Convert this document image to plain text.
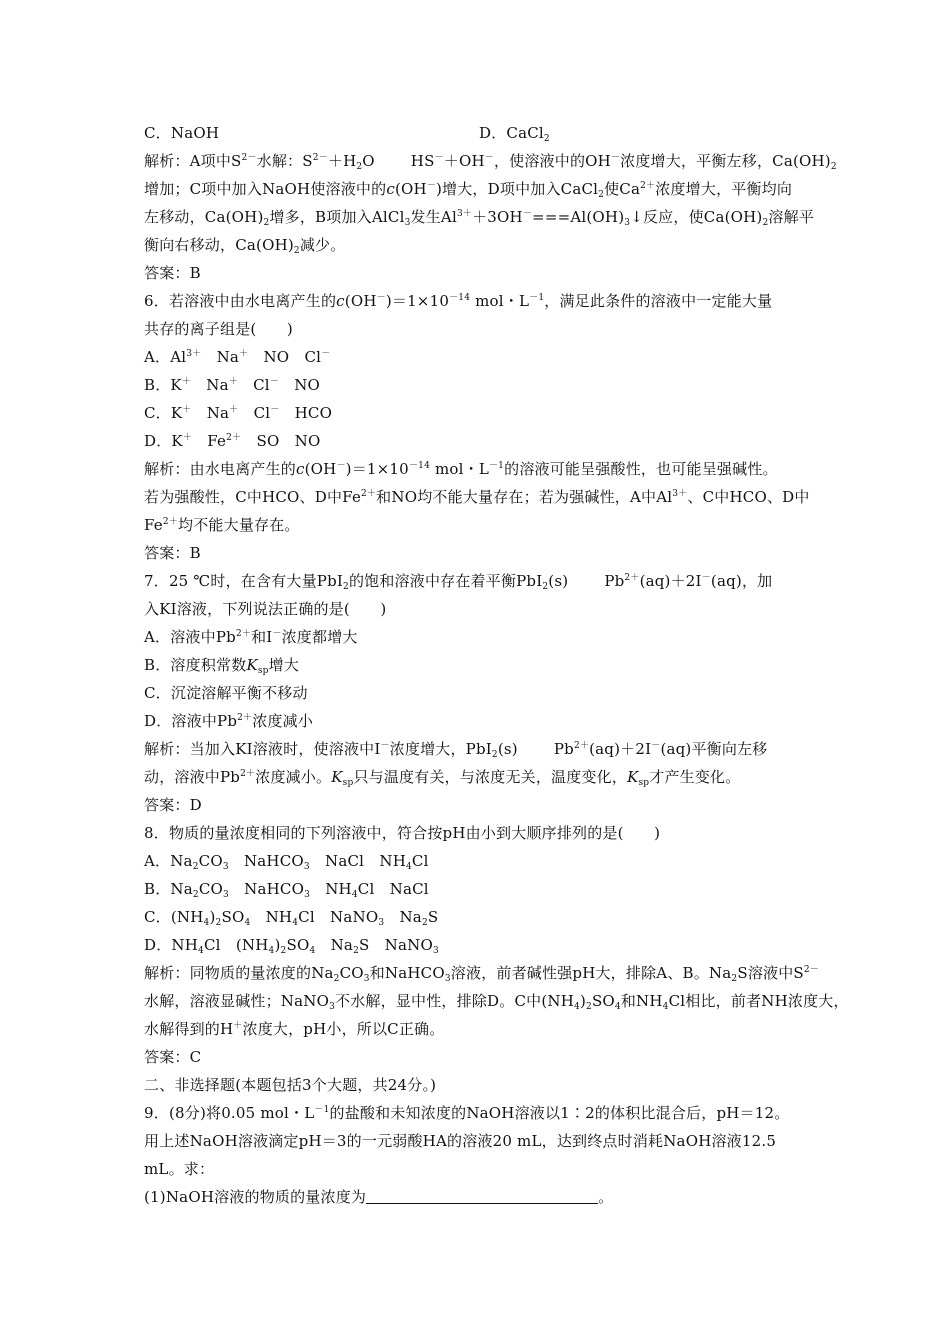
C．NaOH	D．CaCl$_2$
解析：A项中$S^{2-}$水解：$S^{2-}+H_2O$ HS－＋OH－，使溶液中的OH－浓度增大，平衡左移，$Ca(OH)_2$
增加；C项中加入NaOH使溶液中的c(OH－)增大，D项中加入CaCl$_2$使$Ca^{2+}$浓度增大，平衡均向
左移动，$Ca(OH)_2$增多，B项加入AlCl$_3$发生$Al^{3+}+3OH^-===Al(OH)_3↓$反应，使$Ca(OH)_2$溶解平
衡向右移动，$Ca(OH)_2$减少。
答案：B
6．若溶液中由水电离产生的$c(OH^-)=1\times 10^{-14}$ mol・$L^{-1}$，满足此条件的溶液中一定能大量
共存的离子组是(　　)
A．$Al^{3+}$　Na＋　NO　Cl－
B．K＋　Na＋　Cl－　NO
C．K＋　Na＋　Cl－　HCO
D．K＋　$Fe^{2+}$　SO　NO
解析：由水电离产生的$c(OH^-)=1\times 10^{-14}$ mol・$L^{-1}$的溶液可能呈强酸性，也可能呈强碱性。
若为强酸性，C中HCO、D中$Fe^{2+}$和NO均不能大量存在；若为强碱性，A中$Al^{3+}$、C中HCO、D中
$Fe^{2+}$均不能大量存在。
答案：B
7．25 ℃时，在含有大量PbI$_2$的饱和溶液中存在着平衡PbI$_2$(s) $Pb^{2+}(aq)+2I^-(aq)$，加
入KI溶液，下列说法正确的是(　　)
A．溶液中$Pb^{2+}$和I－浓度都增大
B．溶度积常数$K_{sp}$增大
C．沉淀溶解平衡不移动
D．溶液中$Pb^{2+}$浓度减小
解析：当加入KI溶液时，使溶液中I－浓度增大，PbI$_2$(s) $Pb^{2+}(aq)+2I^-(aq)$平衡向左移
动，溶液中$Pb^{2+}$浓度减小。$K_{sp}$只与温度有关，与浓度无关，温度变化，$K_{sp}$才产生变化。
答案：D
8．物质的量浓度相同的下列溶液中，符合按pH由小到大顺序排列的是(　　)
A．$Na_2CO_3$　NaHCO$_3$　NaCl　$NH_4Cl$
B．$Na_2CO_3$　NaHCO$_3$　$NH_4Cl$　NaCl
C．$(NH_4)_2SO_4$　$NH_4Cl$　NaNO$_3$　$Na_2S$
D．$NH_4Cl$　$(NH_4)_2SO_4$　$Na_2S$　NaNO$_3$
解析：同物质的量浓度的$Na_2CO_3$和NaHCO$_3$溶液，前者碱性强pH大，排除A、B。$Na_2S$溶液中$S^{2-}$
水解，溶液显碱性；NaNO$_3$不水解，显中性，排除D。C中$(NH_4)_2SO_4$和$NH_4Cl$相比，前者NH浓度大，
水解得到的H＋浓度大，pH小，所以C正确。
答案：C
二、非选择题(本题包括3个大题，共24分。)
9．(8分)将0.05 mol・$L^{-1}$的盐酸和未知浓度的NaOH溶液以1∶2的体积比混合后，pH＝12。
用上述NaOH溶液滴定pH＝3的一元弱酸HA的溶液20 mL，达到终点时消耗NaOH溶液12.5
mL。求：
(1)NaOH溶液的物质的量浓度为	。
